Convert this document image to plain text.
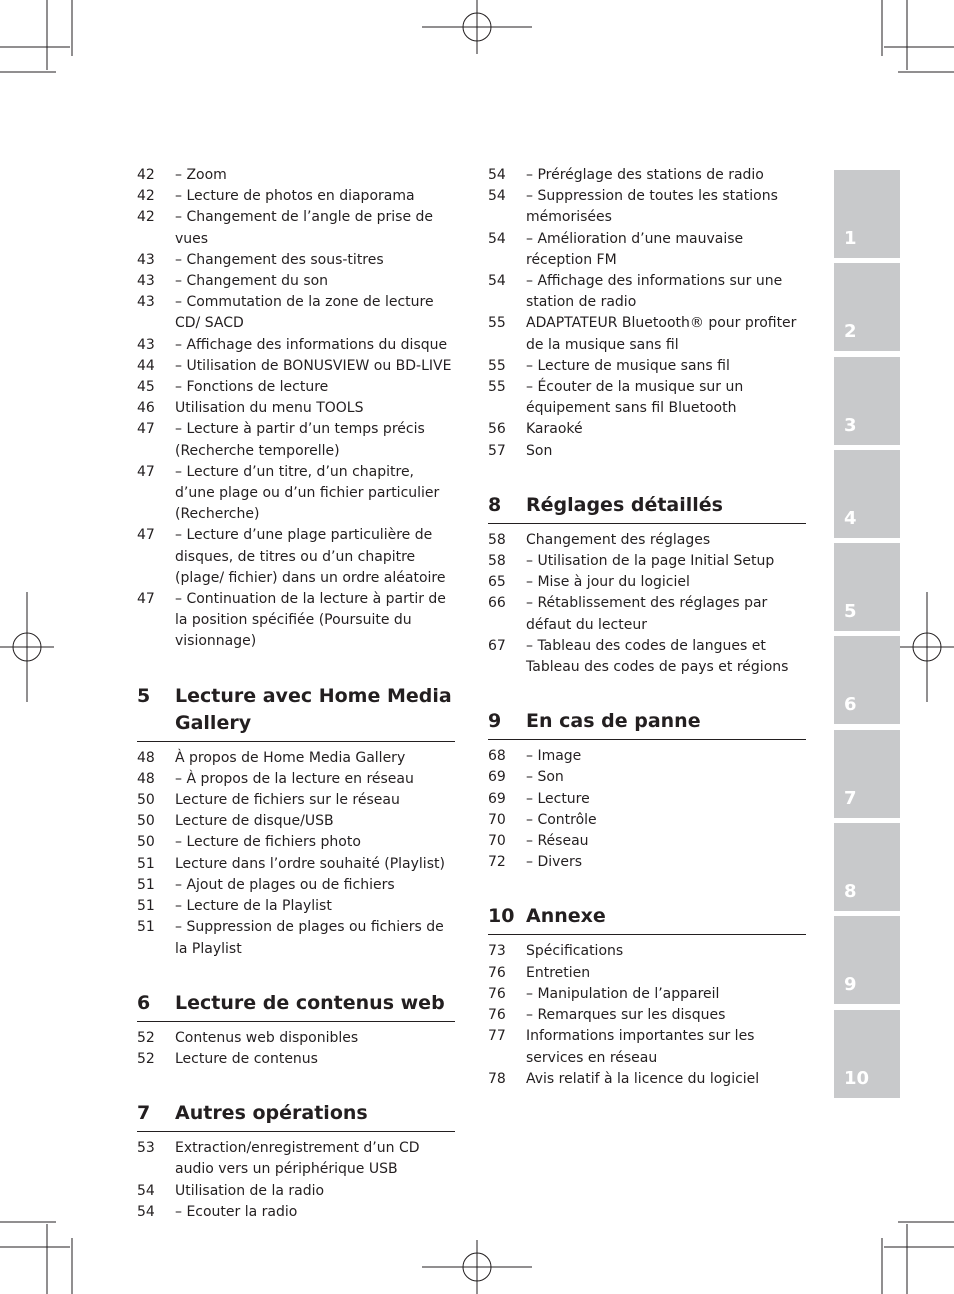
42	– Zoom
42	– Lecture de photos en diaporama
42	– Changement de l’angle de prise de vues
43	– Changement des sous-titres
43	– Changement du son
43	– Commutation de la zone de lecture CD/ SACD
43	– Affichage des informations du disque
44	– Utilisation de BONUSVIEW ou BD-LIVE
45	– Fonctions de lecture
46	Utilisation du menu TOOLS
47	– Lecture à partir d’un temps précis (Recherche temporelle)
47	– Lecture d’un titre, d’un chapitre, d’une plage ou d’un fichier particulier (Recherche)
47	– Lecture d’une plage particulière de disques, de titres ou d’un chapitre (plage/ fichier) dans un ordre aléatoire
47	– Continuation de la lecture à partir de la position spécifiée (Poursuite du visionnage)
5	Lecture avec Home Media Gallery
48	À propos de Home Media Gallery
48	– À propos de la lecture en réseau
50	Lecture de fichiers sur le réseau
50	Lecture de disque/USB
50	– Lecture de fichiers photo
51	Lecture dans l’ordre souhaité (Playlist)
51	– Ajout de plages ou de fichiers
51	– Lecture de la Playlist
51	– Suppression de plages ou fichiers de la Playlist
6	Lecture de contenus web
52	Contenus web disponibles
52	Lecture de contenus
7	Autres opérations
53	Extraction/enregistrement d’un CD audio vers un périphérique USB
54	Utilisation de la radio
54	– Ecouter la radio
54	– Préréglage des stations de radio
54	– Suppression de toutes les stations mémorisées
54	– Amélioration d’une mauvaise réception FM
54	– Affichage des informations sur une station de radio
55	ADAPTATEUR Bluetooth® pour profiter de la musique sans fil
55	– Lecture de musique sans fil
55	– Écouter de la musique sur un équipement sans fil Bluetooth
56	Karaoké
57	Son
8	Réglages détaillés
58	Changement des réglages
58	– Utilisation de la page Initial Setup
65	– Mise à jour du logiciel
66	– Rétablissement des réglages par défaut du lecteur
67	– Tableau des codes de langues et Tableau des codes de pays et régions
9	En cas de panne
68	– Image
69	– Son
69	– Lecture
70	– Contrôle
70	– Réseau
72	– Divers
10 Annexe
73	Spécifications
76	Entretien
76	– Manipulation de l’appareil
76	– Remarques sur les disques
77	Informations importantes sur les services en réseau
78	Avis relatif à la licence du logiciel
1
2
3
4
5
6
7
8
9
10
